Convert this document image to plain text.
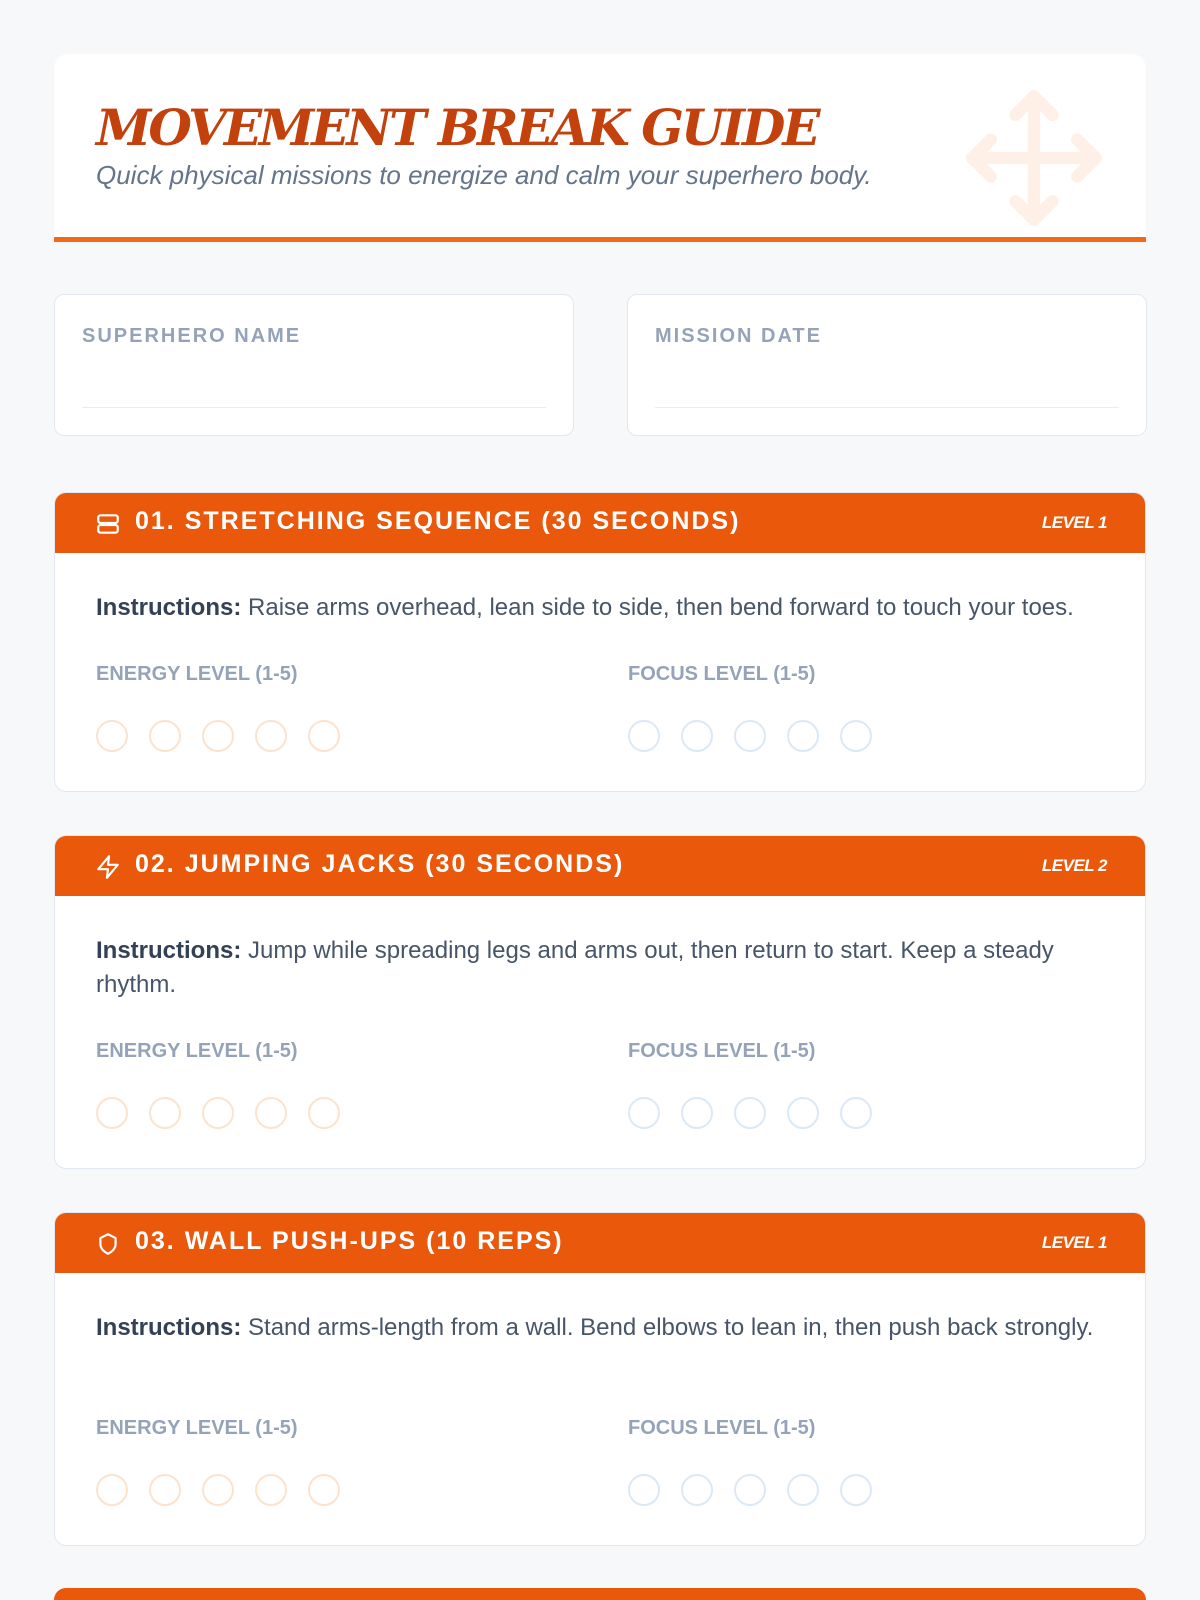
MOVEMENT BREAK GUIDE
Quick physical missions to energize and calm your superhero body.
SUPERHERO NAME	MISSION DATE
01. STRETCHING SEQUENCE (30 SECONDS)	LEVEL 1
Instructions: Raise arms overhead, lean side to side, then bend forward to touch your toes.
ENERGY LEVEL (1-5)	FOCUS LEVEL (1-5)
02. JUMPING JACKS (30 SECONDS)	LEVEL 2
Instructions: Jump while spreading legs and arms out, then return to start. Keep a steady rhythm.
ENERGY LEVEL (1-5)	FOCUS LEVEL (1-5)
03. WALL PUSH-UPS (10 REPS)	LEVEL 1
Instructions: Stand arms-length from a wall. Bend elbows to lean in, then push back strongly.
ENERGY LEVEL (1-5)	FOCUS LEVEL (1-5)
